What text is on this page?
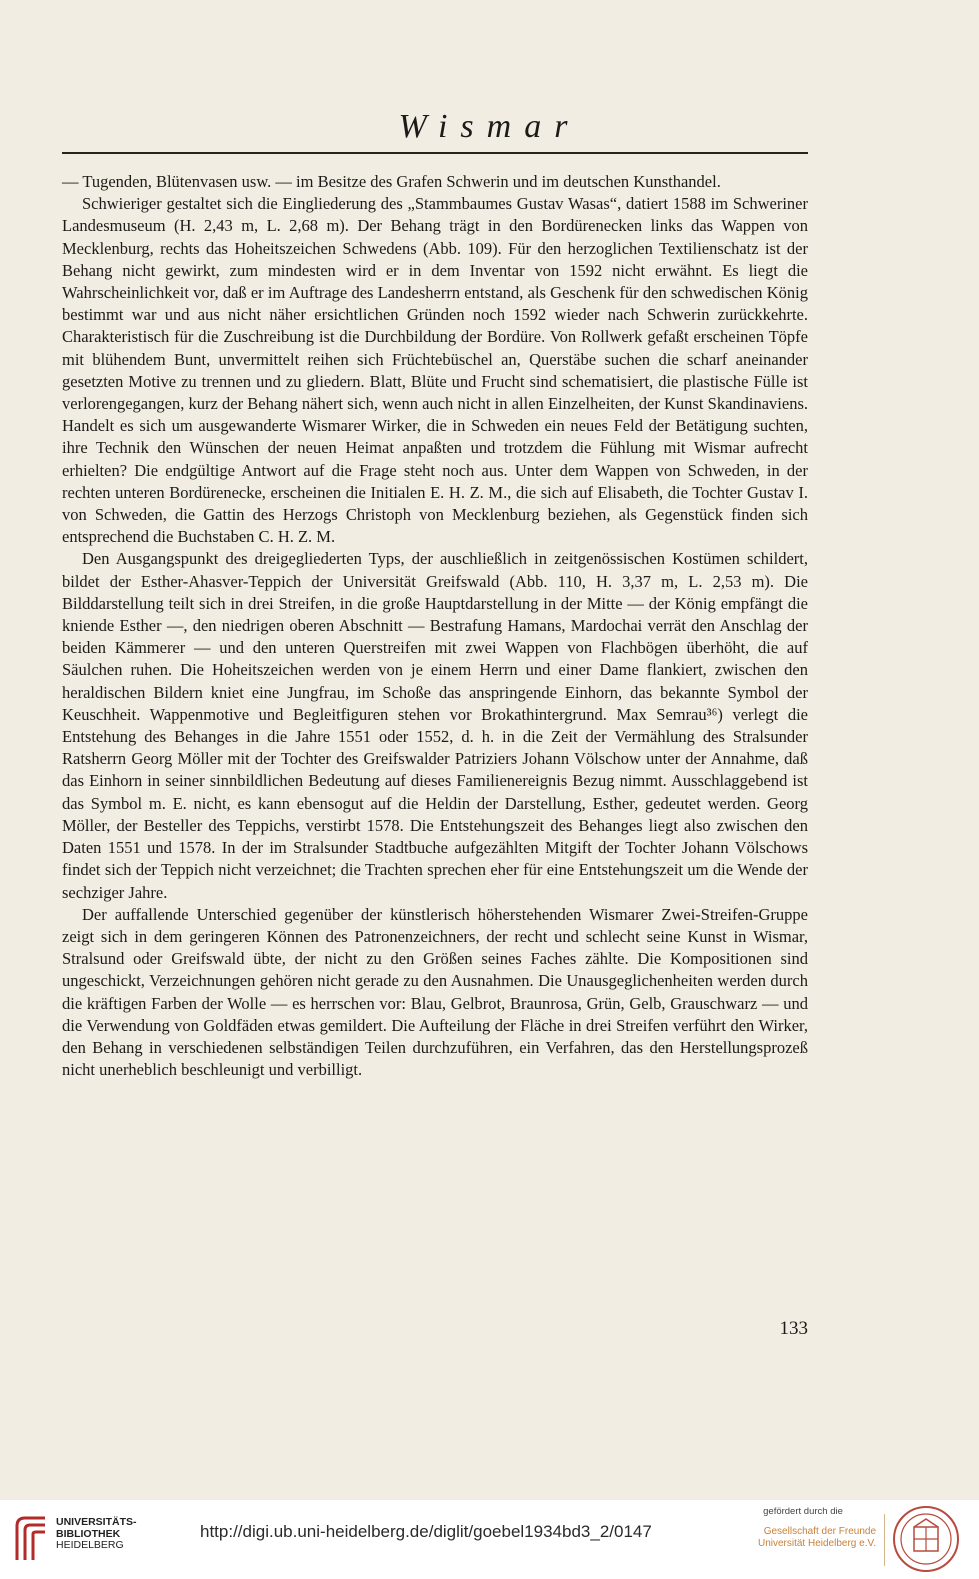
Wismar

— Tugenden, Blütenvasen usw. — im Besitze des Grafen Schwerin und im deutschen Kunsthandel.

Schwieriger gestaltet sich die Eingliederung des „Stammbaumes Gustav Wasas“, datiert 1588 im Schweriner Landesmuseum (H. 2,43 m, L. 2,68 m). Der Behang trägt in den Bordürenecken links das Wappen von Mecklenburg, rechts das Hoheitszeichen Schwedens (Abb. 109). Für den herzoglichen Textilienschatz ist der Behang nicht gewirkt, zum mindesten wird er in dem Inventar von 1592 nicht erwähnt. Es liegt die Wahrscheinlichkeit vor, daß er im Auftrage des Landesherrn entstand, als Geschenk für den schwedischen König bestimmt war und aus nicht näher ersichtlichen Gründen noch 1592 wieder nach Schwerin zurückkehrte. Charakteristisch für die Zuschreibung ist die Durchbildung der Bordüre. Von Rollwerk gefaßt erscheinen Töpfe mit blühendem Bunt, unvermittelt reihen sich Früchtebüschel an, Querstäbe suchen die scharf aneinander gesetzten Motive zu trennen und zu gliedern. Blatt, Blüte und Frucht sind schematisiert, die plastische Fülle ist verlorengegangen, kurz der Behang nähert sich, wenn auch nicht in allen Einzelheiten, der Kunst Skandinaviens. Handelt es sich um ausgewanderte Wismarer Wirker, die in Schweden ein neues Feld der Betätigung suchten, ihre Technik den Wünschen der neuen Heimat anpaßten und trotzdem die Fühlung mit Wismar aufrecht erhielten? Die endgültige Antwort auf die Frage steht noch aus. Unter dem Wappen von Schweden, in der rechten unteren Bordürenecke, erscheinen die Initialen E. H. Z. M., die sich auf Elisabeth, die Tochter Gustav I. von Schweden, die Gattin des Herzogs Christoph von Mecklenburg beziehen, als Gegenstück finden sich entsprechend die Buchstaben C. H. Z. M.

Den Ausgangspunkt des dreigegliederten Typs, der auschließlich in zeitgenössischen Kostümen schildert, bildet der Esther-Ahasver-Teppich der Universität Greifswald (Abb. 110, H. 3,37 m, L. 2,53 m). Die Bilddarstellung teilt sich in drei Streifen, in die große Hauptdarstellung in der Mitte — der König empfängt die kniende Esther —, den niedrigen oberen Abschnitt — Bestrafung Hamans, Mardochai verrät den Anschlag der beiden Kämmerer — und den unteren Querstreifen mit zwei Wappen von Flachbögen überhöht, die auf Säulchen ruhen. Die Hoheitszeichen werden von je einem Herrn und einer Dame flankiert, zwischen den heraldischen Bildern kniet eine Jungfrau, im Schoße das anspringende Einhorn, das bekannte Symbol der Keuschheit. Wappenmotive und Begleitfiguren stehen vor Brokathintergrund. Max Semrau³⁶) verlegt die Entstehung des Behanges in die Jahre 1551 oder 1552, d. h. in die Zeit der Vermählung des Stralsunder Ratsherrn Georg Möller mit der Tochter des Greifswalder Patriziers Johann Völschow unter der Annahme, daß das Einhorn in seiner sinnbildlichen Bedeutung auf dieses Familienereignis Bezug nimmt. Ausschlaggebend ist das Symbol m. E. nicht, es kann ebensogut auf die Heldin der Darstellung, Esther, gedeutet werden. Georg Möller, der Besteller des Teppichs, verstirbt 1578. Die Entstehungszeit des Behanges liegt also zwischen den Daten 1551 und 1578. In der im Stralsunder Stadtbuche aufgezählten Mitgift der Tochter Johann Völschows findet sich der Teppich nicht verzeichnet; die Trachten sprechen eher für eine Entstehungszeit um die Wende der sechziger Jahre.

Der auffallende Unterschied gegenüber der künstlerisch höherstehenden Wismarer Zwei-Streifen-Gruppe zeigt sich in dem geringeren Können des Patronenzeichners, der recht und schlecht seine Kunst in Wismar, Stralsund oder Greifswald übte, der nicht zu den Größen seines Faches zählte. Die Kompositionen sind ungeschickt, Verzeichnungen gehören nicht gerade zu den Ausnahmen. Die Unausgeglichenheiten werden durch die kräftigen Farben der Wolle — es herrschen vor: Blau, Gelbrot, Braunrosa, Grün, Gelb, Grauschwarz — und die Verwendung von Goldfäden etwas gemildert. Die Aufteilung der Fläche in drei Streifen verführt den Wirker, den Behang in verschiedenen selbständigen Teilen durchzuführen, ein Verfahren, das den Herstellungsprozeß nicht unerheblich beschleunigt und verbilligt.

133
UNIVERSITÄTS-
BIBLIOTHEK
HEIDELBERG
http://digi.ub.uni-heidelberg.de/diglit/goebel1934bd3_2/0147
gefördert durch die
Gesellschaft der Freunde
Universität Heidelberg e.V.
